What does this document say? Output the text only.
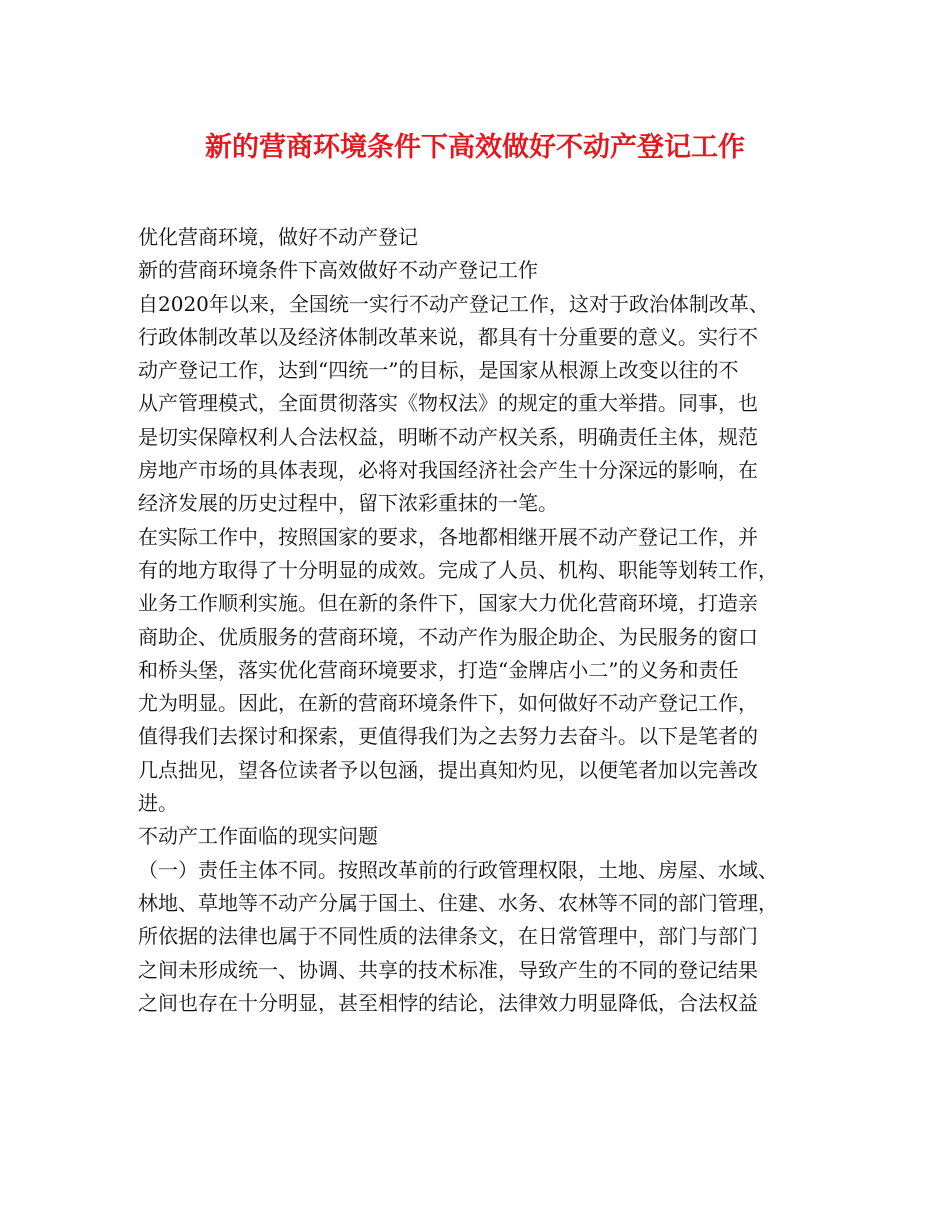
新的营商环境条件下高效做好不动产登记工作
优化营商环境，做好不动产登记
新的营商环境条件下高效做好不动产登记工作
自2020年以来，全国统一实行不动产登记工作，这对于政治体制改革、
行政体制改革以及经济体制改革来说，都具有十分重要的意义。实行不
动产登记工作，达到“四统一”的目标，是国家从根源上改变以往的不
从产管理模式，全面贯彻落实《物权法》的规定的重大举措。同事，也
是切实保障权利人合法权益，明晰不动产权关系，明确责任主体，规范
房地产市场的具体表现，必将对我国经济社会产生十分深远的影响，在
经济发展的历史过程中，留下浓彩重抹的一笔。
在实际工作中，按照国家的要求，各地都相继开展不动产登记工作，并
有的地方取得了十分明显的成效。完成了人员、机构、职能等划转工作，
业务工作顺利实施。但在新的条件下，国家大力优化营商环境，打造亲
商助企、优质服务的营商环境，不动产作为服企助企、为民服务的窗口
和桥头堡，落实优化营商环境要求，打造“金牌店小二”的义务和责任
尤为明显。因此，在新的营商环境条件下，如何做好不动产登记工作，
值得我们去探讨和探索，更值得我们为之去努力去奋斗。以下是笔者的
几点拙见，望各位读者予以包涵，提出真知灼见，以便笔者加以完善改
进。
不动产工作面临的现实问题
（一）责任主体不同。按照改革前的行政管理权限，土地、房屋、水域、
林地、草地等不动产分属于国土、住建、水务、农林等不同的部门管理，
所依据的法律也属于不同性质的法律条文，在日常管理中，部门与部门
之间未形成统一、协调、共享的技术标准，导致产生的不同的登记结果
之间也存在十分明显，甚至相悖的结论，法律效力明显降低，合法权益
